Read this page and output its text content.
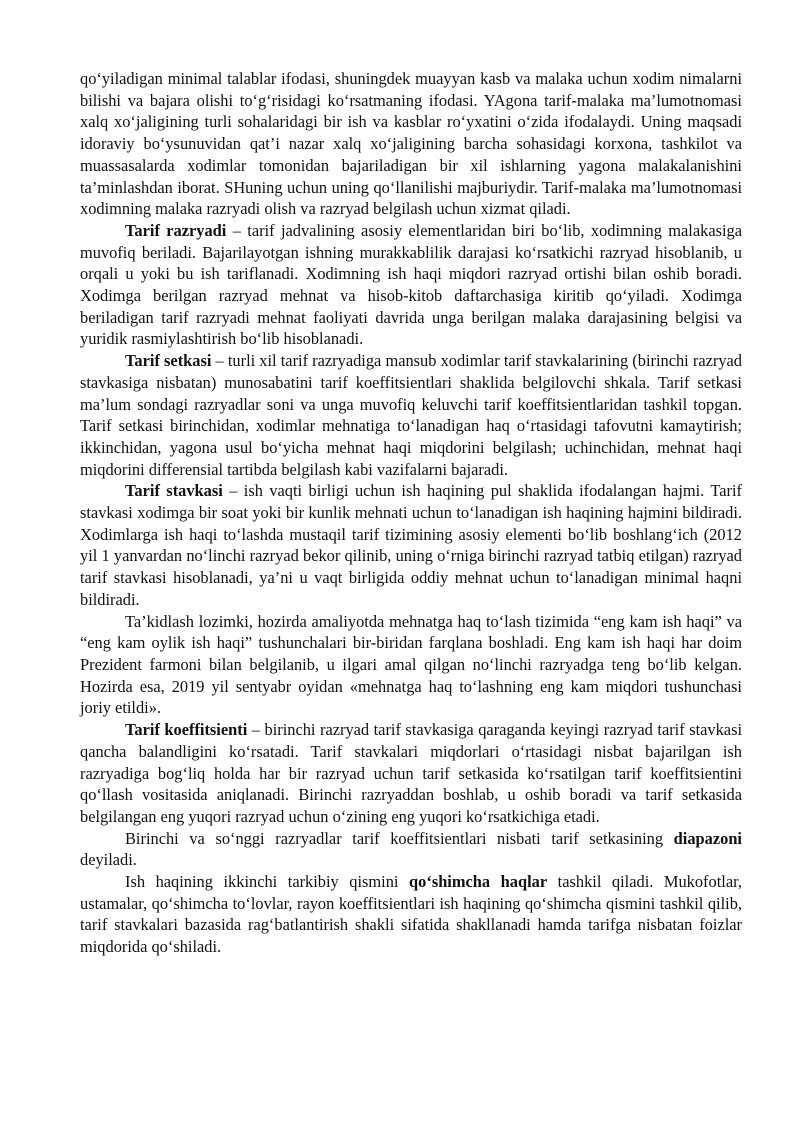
qo‘yiladigan minimal talablar ifodasi, shuningdek muayyan kasb va malaka uchun xodim nimalarni bilishi va bajara olishi to‘g‘risidagi ko‘rsatmaning ifodasi. YAgona tarif-malaka ma’lumotnomasi xalq xo‘jaligining turli sohalaridagi bir ish va kasblar ro‘yxatini o‘zida ifodalaydi. Uning maqsadi idoraviy bo‘ysunuvidan qat’i nazar xalq xo‘jaligining barcha sohasidagi korxona, tashkilot va muassasalarda xodimlar tomonidan bajariladigan bir xil ishlarning yagona malakalanishini ta’minlashdan iborat. SHuning uchun uning qo‘llanilishi majburiydir. Tarif-malaka ma’lumotnomasi xodimning malaka razryadi olish va razryad belgilash uchun xizmat qiladi.

Tarif razryadi – tarif jadvalining asosiy elementlaridan biri bo‘lib, xodimning malakasiga muvofiq beriladi. Bajarilayotgan ishning murakkablilik darajasi ko‘rsatkichi razryad hisoblanib, u orqali u yoki bu ish tariflanadi. Xodimning ish haqi miqdori razryad ortishi bilan oshib boradi. Xodimga berilgan razryad mehnat va hisob-kitob daftarchasiga kiritib qo‘yiladi. Xodimga beriladigan tarif razryadi mehnat faoliyati davrida unga berilgan malaka darajasining belgisi va yuridik rasmiylashtirish bo‘lib hisoblanadi.

Tarif setkasi – turli xil tarif razryadiga mansub xodimlar tarif stavkalarining (birinchi razryad stavkasiga nisbatan) munosabatini tarif koeffitsientlari shaklida belgilovchi shkala. Tarif setkasi ma’lum sondagi razryadlar soni va unga muvofiq keluvchi tarif koeffitsientlaridan tashkil topgan. Tarif setkasi birinchidan, xodimlar mehnatiga to‘lanadigan haq o‘rtasidagi tafovutni kamaytirish; ikkinchidan, yagona usul bo‘yicha mehnat haqi miqdorini belgilash; uchinchidan, mehnat haqi miqdorini differensial tartibda belgilash kabi vazifalarni bajaradi.

Tarif stavkasi – ish vaqti birligi uchun ish haqining pul shaklida ifodalangan hajmi. Tarif stavkasi xodimga bir soat yoki bir kunlik mehnati uchun to‘lanadigan ish haqining hajmini bildiradi. Xodimlarga ish haqi to‘lashda mustaqil tarif tizimining asosiy elementi bo‘lib boshlang‘ich (2012 yil 1 yanvardan no‘linchi razryad bekor qilinib, uning o‘rniga birinchi razryad tatbiq etilgan) razryad tarif stavkasi hisoblanadi, ya’ni u vaqt birligida oddiy mehnat uchun to‘lanadigan minimal haqni bildiradi.

Ta’kidlash lozimki, hozirda amaliyotda mehnatga haq to‘lash tizimida “eng kam ish haqi” va “eng kam oylik ish haqi” tushunchalari bir-biridan farqlana boshladi. Eng kam ish haqi har doim Prezident farmoni bilan belgilanib, u ilgari amal qilgan no‘linchi razryadga teng bo‘lib kelgan. Hozirda esa, 2019 yil sentyabr oyidan «mehnatga haq to‘lashning eng kam miqdori tushunchasi joriy etildi».

Tarif koeffitsienti – birinchi razryad tarif stavkasiga qaraganda keyingi razryad tarif stavkasi qancha balandligini ko‘rsatadi. Tarif stavkalari miqdorlari o‘rtasidagi nisbat bajarilgan ish razryadiga bog‘liq holda har bir razryad uchun tarif setkasida ko‘rsatilgan tarif koeffitsientini qo‘llash vositasida aniqlanadi. Birinchi razryaddan boshlab, u oshib boradi va tarif setkasida belgilangan eng yuqori razryad uchun o‘zining eng yuqori ko‘rsatkichiga etadi.

Birinchi va so‘nggi razryadlar tarif koeffitsientlari nisbati tarif setkasining diapazoni deyiladi.

Ish haqining ikkinchi tarkibiy qismini qo‘shimcha haqlar tashkil qiladi. Mukofotlar, ustamalar, qo‘shimcha to‘lovlar, rayon koeffitsientlari ish haqining qo‘shimcha qismini tashkil qilib, tarif stavkalari bazasida rag‘batlantirish shakli sifatida shakllanadi hamda tarifga nisbatan foizlar miqdorida qo‘shiladi.
